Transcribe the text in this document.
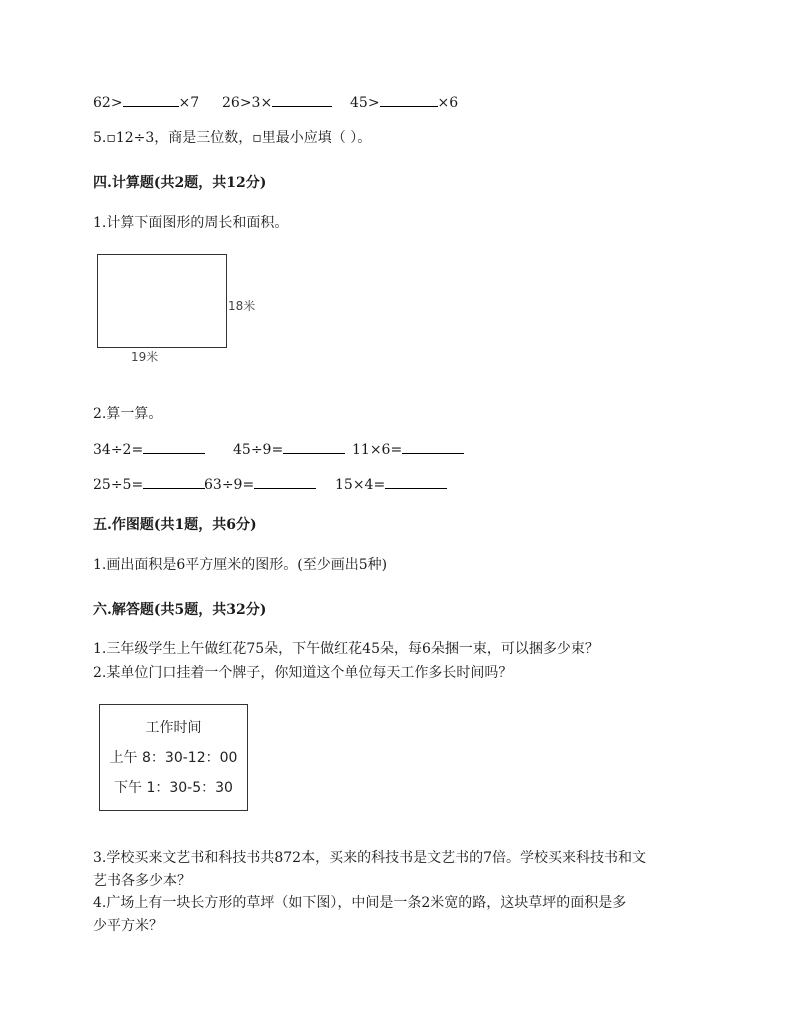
62>	×7 26>3×	45>	×6
5.▫12÷3，商是三位数，▫里最小应填（ ）。
四.计算题(共2题，共12分)
1.计算下面图形的周长和面积。
18米
19米
2.算一算。
34÷2=	45÷9=	11×6=
25÷5=	63÷9=	15×4=
五.作图题(共1题，共6分)
1.画出面积是6平方厘米的图形。(至少画出5种)
六.解答题(共5题，共32分)
1.三年级学生上午做红花75朵，下午做红花45朵，每6朵捆一束，可以捆多少束？
2.某单位门口挂着一个牌子，你知道这个单位每天工作多长时间吗？
工作时间
上午 8：30-12：00
下午 1：30-5：30
3.学校买来文艺书和科技书共872本，买来的科技书是文艺书的7倍。学校买来科技书和文
艺书各多少本？
4.广场上有一块长方形的草坪（如下图），中间是一条2米宽的路，这块草坪的面积是多
少平方米？
